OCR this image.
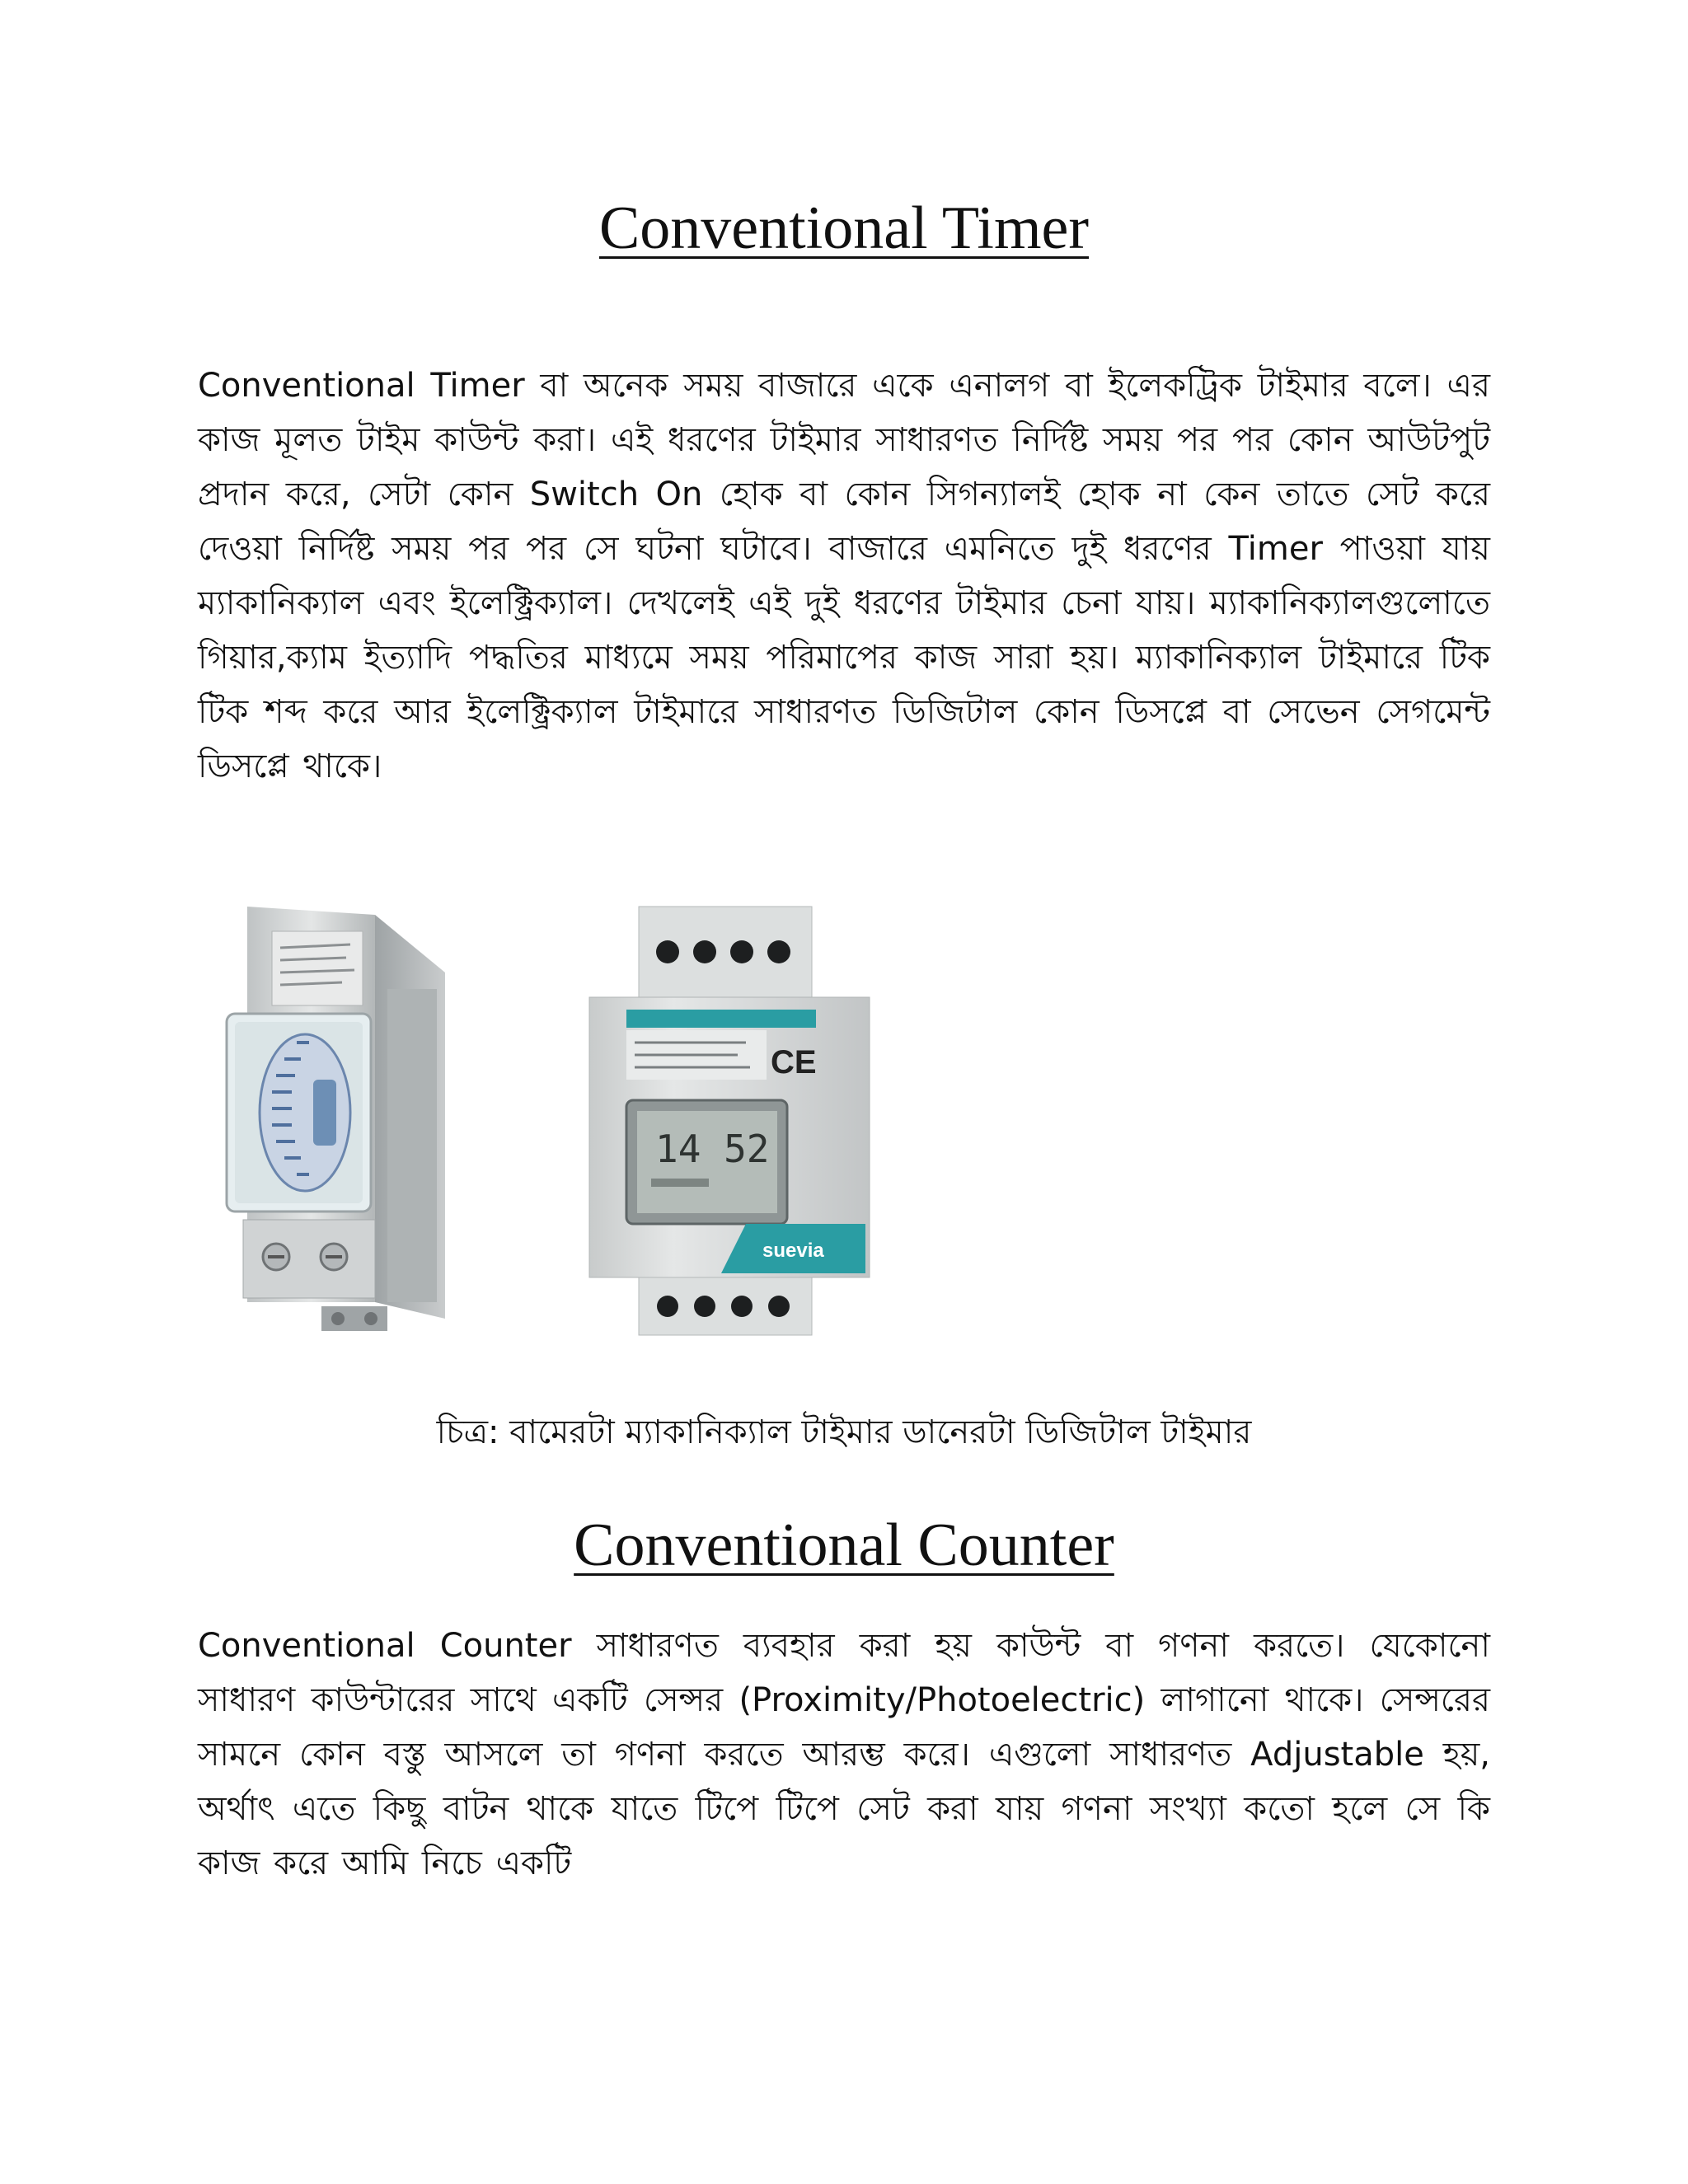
Conventional Timer

Conventional Timer বা অনেক সময় বাজারে একে এনালগ বা ইলেকট্রিক টাইমার বলে। এর কাজ মূলত টাইম কাউন্ট করা। এই ধরণের টাইমার সাধারণত নির্দিষ্ট সময় পর পর কোন আউটপুট প্রদান করে, সেটা কোন Switch On হোক বা কোন সিগন্যালই হোক না কেন তাতে সেট করে দেওয়া নির্দিষ্ট সময় পর পর সে ঘটনা ঘটাবে। বাজারে এমনিতে দুই ধরণের Timer পাওয়া যায় ম্যাকানিক্যাল এবং ইলেক্ট্রিক্যাল। দেখলেই এই দুই ধরণের টাইমার চেনা যায়। ম্যাকানিক্যালগুলোতে গিয়ার,ক্যাম ইত্যাদি পদ্ধতির মাধ্যমে সময় পরিমাপের কাজ সারা হয়। ম্যাকানিক্যাল টাইমারে টিক টিক শব্দ করে আর ইলেক্ট্রিক্যাল টাইমারে সাধারণত ডিজিটাল কোন ডিসপ্লে বা সেভেন সেগমেন্ট ডিসপ্লে থাকে।

CE
14 52
suevia
চিত্র: বামেরটা ম্যাকানিক্যাল টাইমার ডানেরটা ডিজিটাল টাইমার
Conventional Counter

Conventional Counter সাধারণত ব্যবহার করা হয় কাউন্ট বা গণনা করতে। যেকোনো সাধারণ কাউন্টারের সাথে একটি সেন্সর (Proximity/Photoelectric) লাগানো থাকে। সেন্সরের সামনে কোন বস্তু আসলে তা গণনা করতে আরম্ভ করে। এগুলো সাধারণত Adjustable হয়, অর্থাৎ এতে কিছু বাটন থাকে যাতে টিপে টিপে সেট করা যায় গণনা সংখ্যা কতো হলে সে কি কাজ করে আমি নিচে একটি
